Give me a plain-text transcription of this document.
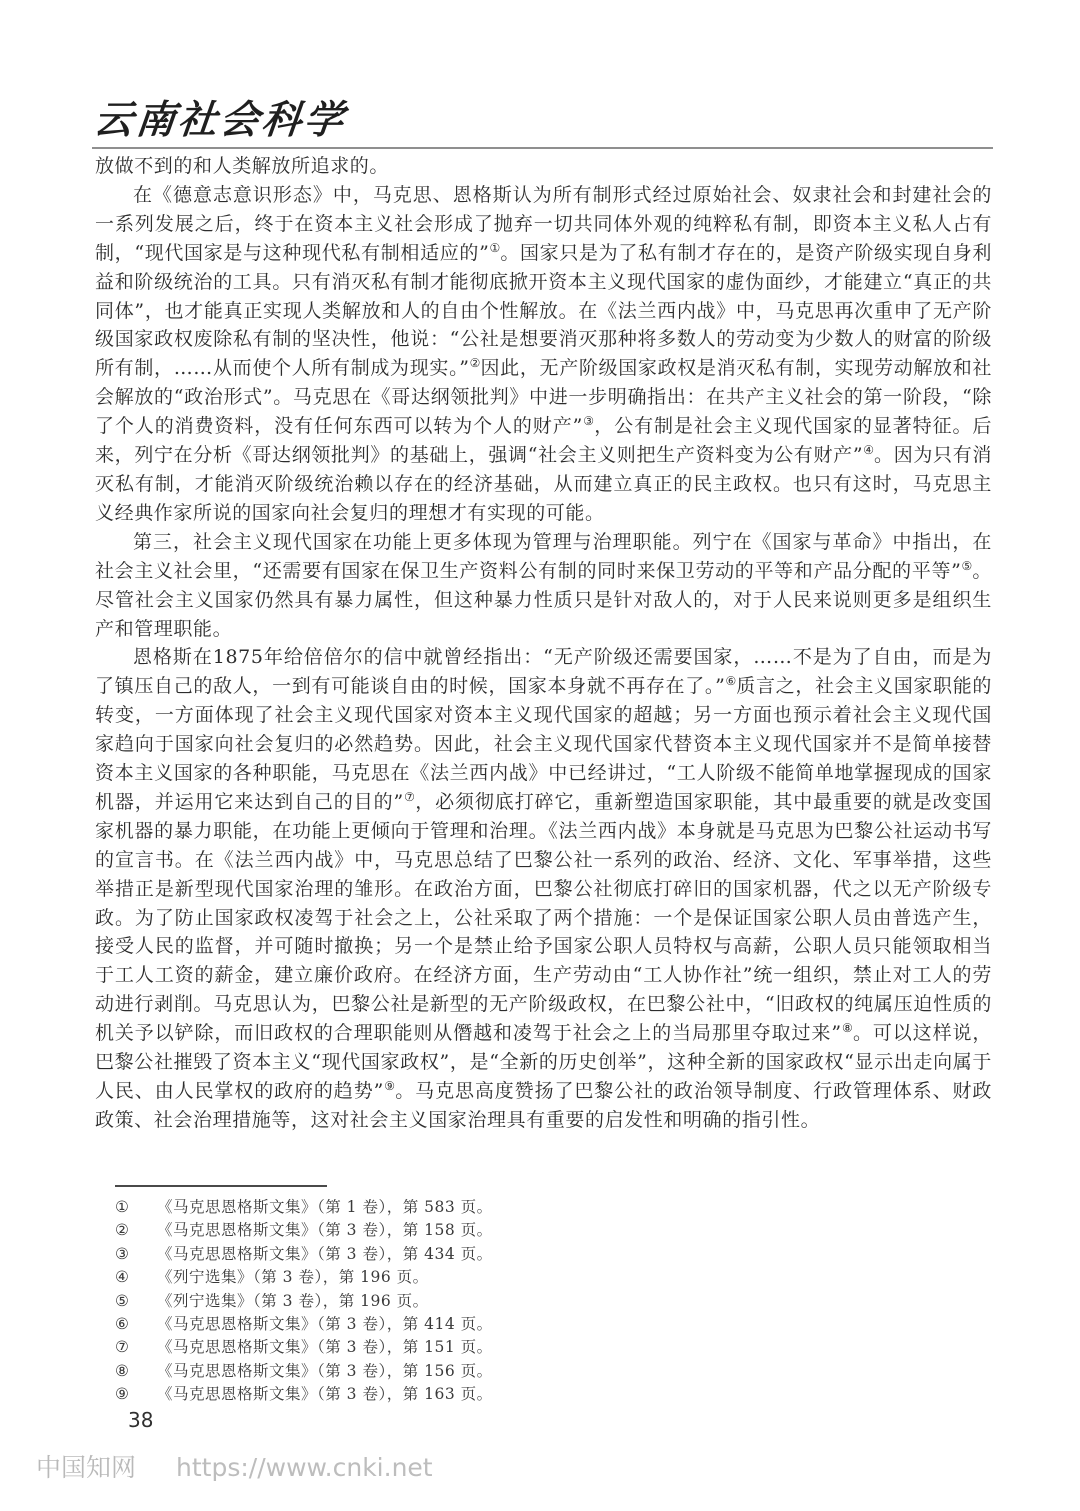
云南社会科学

放做不到的和人类解放所追求的。

在《德意志意识形态》中，马克思、恩格斯认为所有制形式经过原始社会、奴隶社会和封建社会的一系列发展之后，终于在资本主义社会形成了抛弃一切共同体外观的纯粹私有制，即资本主义私人占有制，“现代国家是与这种现代私有制相适应的”①。国家只是为了私有制才存在的，是资产阶级实现自身利益和阶级统治的工具。只有消灭私有制才能彻底掀开资本主义现代国家的虚伪面纱，才能建立“真正的共同体”，也才能真正实现人类解放和人的自由个性解放。在《法兰西内战》中，马克思再次重申了无产阶级国家政权废除私有制的坚决性，他说：“公社是想要消灭那种将多数人的劳动变为少数人的财富的阶级所有制，……从而使个人所有制成为现实。”②因此，无产阶级国家政权是消灭私有制，实现劳动解放和社会解放的“政治形式”。马克思在《哥达纲领批判》中进一步明确指出：在共产主义社会的第一阶段，“除了个人的消费资料，没有任何东西可以转为个人的财产”③，公有制是社会主义现代国家的显著特征。后来，列宁在分析《哥达纲领批判》的基础上，强调“社会主义则把生产资料变为公有财产”④。因为只有消灭私有制，才能消灭阶级统治赖以存在的经济基础，从而建立真正的民主政权。也只有这时，马克思主义经典作家所说的国家向社会复归的理想才有实现的可能。

第三，社会主义现代国家在功能上更多体现为管理与治理职能。列宁在《国家与革命》中指出，在社会主义社会里，“还需要有国家在保卫生产资料公有制的同时来保卫劳动的平等和产品分配的平等”⑤。尽管社会主义国家仍然具有暴力属性，但这种暴力性质只是针对敌人的，对于人民来说则更多是组织生产和管理职能。

恩格斯在1875年给倍倍尔的信中就曾经指出：“无产阶级还需要国家，……不是为了自由，而是为了镇压自己的敌人，一到有可能谈自由的时候，国家本身就不再存在了。”⑥质言之，社会主义国家职能的转变，一方面体现了社会主义现代国家对资本主义现代国家的超越；另一方面也预示着社会主义现代国家趋向于国家向社会复归的必然趋势。因此，社会主义现代国家代替资本主义现代国家并不是简单接替资本主义国家的各种职能，马克思在《法兰西内战》中已经讲过，“工人阶级不能简单地掌握现成的国家机器，并运用它来达到自己的目的”⑦，必须彻底打碎它，重新塑造国家职能，其中最重要的就是改变国家机器的暴力职能，在功能上更倾向于管理和治理。《法兰西内战》本身就是马克思为巴黎公社运动书写的宣言书。在《法兰西内战》中，马克思总结了巴黎公社一系列的政治、经济、文化、军事举措，这些举措正是新型现代国家治理的雏形。在政治方面，巴黎公社彻底打碎旧的国家机器，代之以无产阶级专政。为了防止国家政权凌驾于社会之上，公社采取了两个措施：一个是保证国家公职人员由普选产生，接受人民的监督，并可随时撤换；另一个是禁止给予国家公职人员特权与高薪，公职人员只能领取相当于工人工资的薪金，建立廉价政府。在经济方面，生产劳动由“工人协作社”统一组织，禁止对工人的劳动进行剥削。马克思认为，巴黎公社是新型的无产阶级政权，在巴黎公社中，“旧政权的纯属压迫性质的机关予以铲除，而旧政权的合理职能则从僭越和凌驾于社会之上的当局那里夺取过来”⑧。可以这样说，巴黎公社摧毁了资本主义“现代国家政权”，是“全新的历史创举”，这种全新的国家政权“显示出走向属于人民、由人民掌权的政府的趋势”⑨。马克思高度赞扬了巴黎公社的政治领导制度、行政管理体系、财政政策、社会治理措施等，这对社会主义国家治理具有重要的启发性和明确的指引性。

①	《马克思恩格斯文集》（第 1 卷），第 583 页。
②	《马克思恩格斯文集》（第 3 卷），第 158 页。
③	《马克思恩格斯文集》（第 3 卷），第 434 页。
④	《列宁选集》（第 3 卷），第 196 页。
⑤	《列宁选集》（第 3 卷），第 196 页。
⑥	《马克思恩格斯文集》（第 3 卷），第 414 页。
⑦	《马克思恩格斯文集》（第 3 卷），第 151 页。
⑧	《马克思恩格斯文集》（第 3 卷），第 156 页。
⑨	《马克思恩格斯文集》（第 3 卷），第 163 页。
38
中国知网 https://www.cnki.net
